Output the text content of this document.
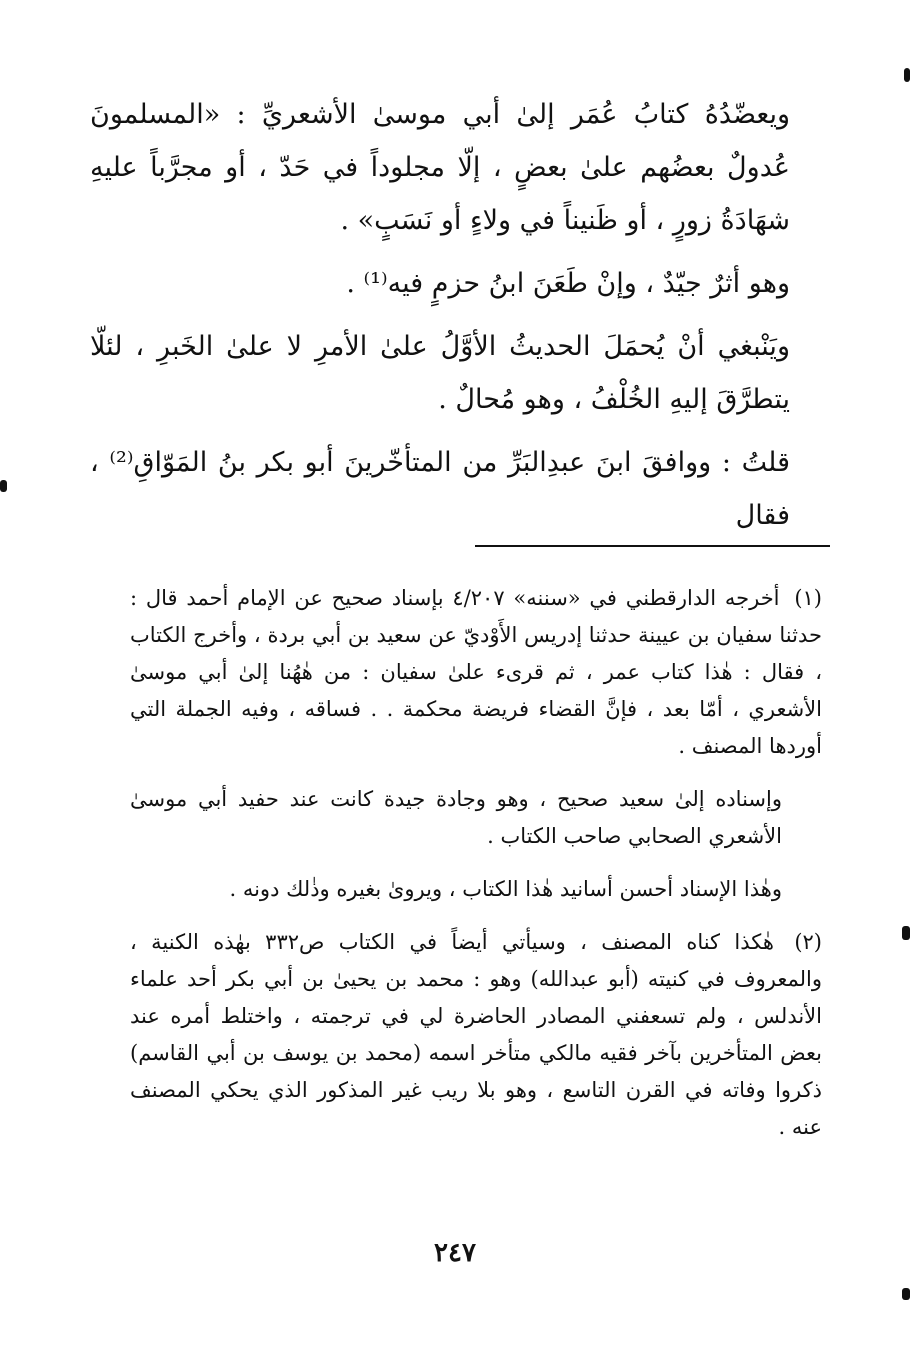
ويعضّدُهُ كتابُ عُمَر إلىٰ أبي موسىٰ الأشعريِّ : «المسلمونَ عُدولٌ بعضُهم علىٰ بعضٍ ، إلّا مجلوداً في حَدّ ، أو مجرَّباً عليهِ شهَادَةُ زورٍ ، أو ظَنيناً في ولاءٍ أو نَسَبٍ» .

وهو أثرٌ جيّدٌ ، وإنْ طَعَنَ ابنُ حزمٍ فيه⁽¹⁾ .

ويَنْبغي أنْ يُحمَلَ الحديثُ الأوَّلُ علىٰ الأمرِ لا علىٰ الخَبرِ ، لئلّا يتطرَّقَ إليهِ الخُلْفُ ، وهو مُحالٌ .

قلتُ : ووافقَ ابنَ عبدِالبَرِّ من المتأخّرينَ أبو بكر بنُ المَوّاقِ⁽²⁾ ، فقال

(١) أخرجه الدارقطني في «سننه» ٤/٢٠٧ بإسناد صحيح عن الإمام أحمد قال : حدثنا سفيان بن عيينة حدثنا إدريس الأَوْديّ عن سعيد بن أبي بردة ، وأخرج الكتاب ، فقال : هٰذا كتاب عمر ، ثم قرىء علىٰ سفيان : من هٰهُنا إلىٰ أبي موسىٰ الأشعري ، أمّا بعد ، فإنَّ القضاء فريضة محكمة . . فساقه ، وفيه الجملة التي أوردها المصنف .
وإسناده إلىٰ سعيد صحيح ، وهو وجادة جيدة كانت عند حفيد أبي موسىٰ الأشعري الصحابي صاحب الكتاب .
وهٰذا الإسناد أحسن أسانيد هٰذا الكتاب ، ويروىٰ بغيره وذٰلك دونه .
(٢) هٰكذا كناه المصنف ، وسيأتي أيضاً في الكتاب ص٣٣٢ بهٰذه الكنية ، والمعروف في كنيته (أبو عبدالله) وهو : محمد بن يحيىٰ بن أبي بكر أحد علماء الأندلس ، ولم تسعفني المصادر الحاضرة لي في ترجمته ، واختلط أمره عند بعض المتأخرين بآخر فقيه مالكي متأخر اسمه (محمد بن يوسف بن أبي القاسم) ذكروا وفاته في القرن التاسع ، وهو بلا ريب غير المذكور الذي يحكي المصنف عنه .
٢٤٧
